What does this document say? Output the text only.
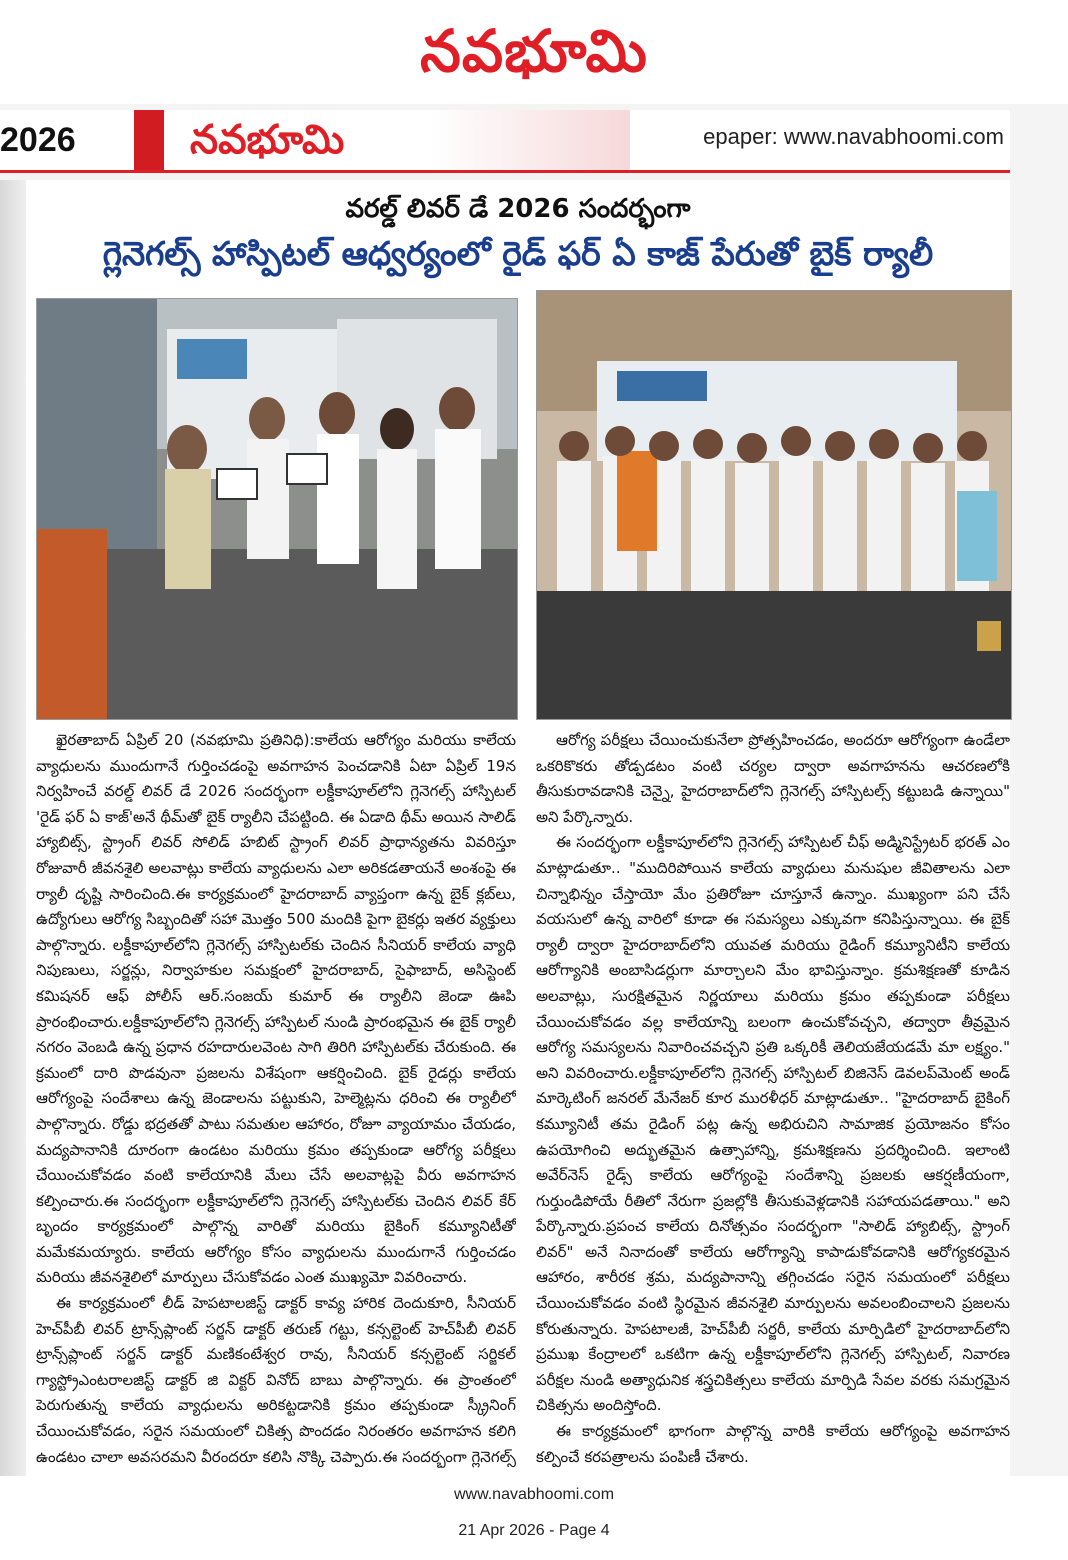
నవభూమి
2026	నవభూమి	epaper: www.navabhoomi.com
వరల్డ్ లివర్ డే 2026 సందర్భంగా
గ్లెనెగల్స్ హాస్పిటల్ ఆధ్వర్యంలో రైడ్ ఫర్ ఏ కాజ్ పేరుతో బైక్ ర్యాలీ

ఖైరతాబాద్ ఏప్రిల్ 20 (నవభూమి ప్రతినిధి):కాలేయ ఆరోగ్యం మరియు కాలేయ వ్యాధులను ముందుగానే గుర్తించడంపై అవగాహన పెంచడానికి ఏటా ఏప్రిల్ 19న నిర్వహించే వరల్డ్ లివర్ డే 2026 సందర్భంగా లక్డీకాపూల్‌లోని గ్లెనెగల్స్ హాస్పిటల్ 'రైడ్ ఫర్ ఏ కాజ్'అనే థీమ్‌తో బైక్ ర్యాలీని చేపట్టింది. ఈ ఏడాది థీమ్ అయిన సాలిడ్ హ్యాబిట్స్, స్ట్రాంగ్ లివర్ సోలిడ్ హబిట్ స్ట్రాంగ్ లివర్ ప్రాధాన్యతను వివరిస్తూ రోజువారీ జీవనశైలి అలవాట్లు కాలేయ వ్యాధులను ఎలా అరికడతాయనే అంశంపై ఈ ర్యాలీ దృష్టి సారించింది.ఈ కార్యక్రమంలో హైదరాబాద్ వ్యాప్తంగా ఉన్న బైక్ క్లబ్‌లు, ఉద్యోగులు ఆరోగ్య సిబ్బందితో సహా మొత్తం 500 మందికి పైగా బైకర్లు ఇతర వ్యక్తులు పాల్గొన్నారు. లక్డీకాపూల్‌లోని గ్లెనెగల్స్ హాస్పిటల్‌కు చెందిన సీనియర్ కాలేయ వ్యాధి నిపుణులు, సర్జన్లు, నిర్వాహకుల సమక్షంలో హైదరాబాద్, సైఫాబాద్, అసిస్టెంట్ కమిషనర్ ఆఫ్ పోలీస్ ఆర్.సంజయ్ కుమార్ ఈ ర్యాలీని జెండా ఊపి ప్రారంభించారు.లక్డీకాపూల్‌లోని గ్లెనెగల్స్ హాస్పిటల్ నుండి ప్రారంభమైన ఈ బైక్ ర్యాలీ నగరం వెంబడి ఉన్న ప్రధాన రహదారులవెంట సాగి తిరిగి హాస్పిటల్‌కు చేరుకుంది. ఈ క్రమంలో దారి పొడవునా ప్రజలను విశేషంగా ఆకర్షించింది. బైక్ రైడర్లు కాలేయ ఆరోగ్యంపై సందేశాలు ఉన్న జెండాలను పట్టుకుని, హెల్మెట్లను ధరించి ఈ ర్యాలీలో పాల్గొన్నారు. రోడ్డు భద్రతతో పాటు సమతుల ఆహారం, రోజూ వ్యాయామం చేయడం, మద్యపానానికి దూరంగా ఉండటం మరియు క్రమం తప్పకుండా ఆరోగ్య పరీక్షలు చేయించుకోవడం వంటి కాలేయానికి మేలు చేసే అలవాట్లపై వీరు అవగాహన కల్పించారు.ఈ సందర్భంగా లక్డీకాపూల్‌లోని గ్లెనెగల్స్ హాస్పిటల్‌కు చెందిన లివర్ కేర్ బృందం కార్యక్రమంలో పాల్గొన్న వారితో మరియు బైకింగ్ కమ్యూనిటీతో మమేకమయ్యారు. కాలేయ ఆరోగ్యం కోసం వ్యాధులను ముందుగానే గుర్తించడం మరియు జీవనశైలిలో మార్పులు చేసుకోవడం ఎంత ముఖ్యమో వివరించారు.

ఈ కార్యక్రమంలో లీడ్ హెపటాలజిస్ట్ డాక్టర్ కావ్య హారిక దెందుకూరి, సీనియర్ హెచ్‌పీబీ లివర్ ట్రాన్స్‌ప్లాంట్ సర్జన్ డాక్టర్ తరుణ్ గట్టు, కన్సల్టెంట్ హెచ్‌పీబీ లివర్ ట్రాన్స్‌ప్లాంట్ సర్జన్ డాక్టర్ మణికంటేశ్వర రావు, సీనియర్ కన్సల్టెంట్ సర్జికల్ గ్యాస్ట్రోఎంటరాలజిస్ట్ డాక్టర్ జి విక్టర్ వినోద్ బాబు పాల్గొన్నారు. ఈ ప్రాంతంలో పెరుగుతున్న కాలేయ వ్యాధులను అరికట్టడానికి క్రమం తప్పకుండా స్క్రీనింగ్ చేయించుకోవడం, సరైన సమయంలో చికిత్స పొందడం నిరంతరం అవగాహన కలిగి ఉండటం చాలా అవసరమని వీరందరూ కలిసి నొక్కి చెప్పారు.ఈ సందర్భంగా గ్లెనెగల్స్

ఆరోగ్య పరీక్షలు చేయించుకునేలా ప్రోత్సహించడం, అందరూ ఆరోగ్యంగా ఉండేలా ఒకరికొకరు తోడ్పడటం వంటి చర్యల ద్వారా అవగాహనను ఆచరణలోకి తీసుకురావడానికి చెన్నై, హైదరాబాద్‌లోని గ్లెనెగల్స్ హాస్పిటల్స్ కట్టుబడి ఉన్నాయి" అని పేర్కొన్నారు.

ఈ సందర్భంగా లక్డీకాపూల్‌లోని గ్లెనెగల్స్ హాస్పిటల్ చీఫ్ అడ్మినిస్ట్రేటర్ భరత్ ఎం మాట్లాడుతూ.. "ముదిరిపోయిన కాలేయ వ్యాధులు మనుషుల జీవితాలను ఎలా చిన్నాభిన్నం చేస్తాయో మేం ప్రతిరోజూ చూస్తూనే ఉన్నాం. ముఖ్యంగా పని చేసే వయసులో ఉన్న వారిలో కూడా ఈ సమస్యలు ఎక్కువగా కనిపిస్తున్నాయి. ఈ బైక్ ర్యాలీ ద్వారా హైదరాబాద్‌లోని యువత మరియు రైడింగ్ కమ్యూనిటీని కాలేయ ఆరోగ్యానికి అంబాసిడర్లుగా మార్చాలని మేం భావిస్తున్నాం. క్రమశిక్షణతో కూడిన అలవాట్లు, సురక్షితమైన నిర్ణయాలు మరియు క్రమం తప్పకుండా పరీక్షలు చేయించుకోవడం వల్ల కాలేయాన్ని బలంగా ఉంచుకోవచ్చని, తద్వారా తీవ్రమైన ఆరోగ్య సమస్యలను నివారించవచ్చని ప్రతి ఒక్కరికీ తెలియజేయడమే మా లక్ష్యం." అని వివరించారు.లక్డీకాపూల్‌లోని గ్లెనెగల్స్ హాస్పిటల్ బిజినెస్ డెవలప్‌మెంట్ అండ్ మార్కెటింగ్ జనరల్ మేనేజర్ కూర మురళీధర్ మాట్లాడుతూ.. "హైదరాబాద్ బైకింగ్ కమ్యూనిటీ తమ రైడింగ్ పట్ల ఉన్న అభిరుచిని సామాజిక ప్రయోజనం కోసం ఉపయోగించి అద్భుతమైన ఉత్సాహాన్ని, క్రమశిక్షణను ప్రదర్శించింది. ఇలాంటి అవేర్‌నెస్ రైడ్స్ కాలేయ ఆరోగ్యంపై సందేశాన్ని ప్రజలకు ఆకర్షణీయంగా, గుర్తుండిపోయే రీతిలో నేరుగా ప్రజల్లోకి తీసుకువెళ్లడానికి సహాయపడతాయి." అని పేర్కొన్నారు.ప్రపంచ కాలేయ దినోత్సవం సందర్భంగా "సాలిడ్ హ్యాబిట్స్, స్ట్రాంగ్ లివర్" అనే నినాదంతో కాలేయ ఆరోగ్యాన్ని కాపాడుకోవడానికి ఆరోగ్యకరమైన ఆహారం, శారీరక శ్రమ, మద్యపానాన్ని తగ్గించడం సరైన సమయంలో పరీక్షలు చేయించుకోవడం వంటి స్థిరమైన జీవనశైలి మార్పులను అవలంబించాలని ప్రజలను కోరుతున్నారు. హెపటాలజీ, హెచ్‌పీబీ సర్జరీ, కాలేయ మార్పిడిలో హైదరాబాద్‌లోని ప్రముఖ కేంద్రాలలో ఒకటిగా ఉన్న లక్డీకాపూల్‌లోని గ్లెనెగల్స్ హాస్పిటల్, నివారణ పరీక్షల నుండి అత్యాధునిక శస్త్రచికిత్సలు కాలేయ మార్పిడి సేవల వరకు సమగ్రమైన చికిత్సను అందిస్తోంది.

ఈ కార్యక్రమంలో భాగంగా పాల్గొన్న వారికి కాలేయ ఆరోగ్యంపై అవగాహన కల్పించే కరపత్రాలను పంపిణీ చేశారు.

www.navabhoomi.com
21 Apr 2026 - Page 4
